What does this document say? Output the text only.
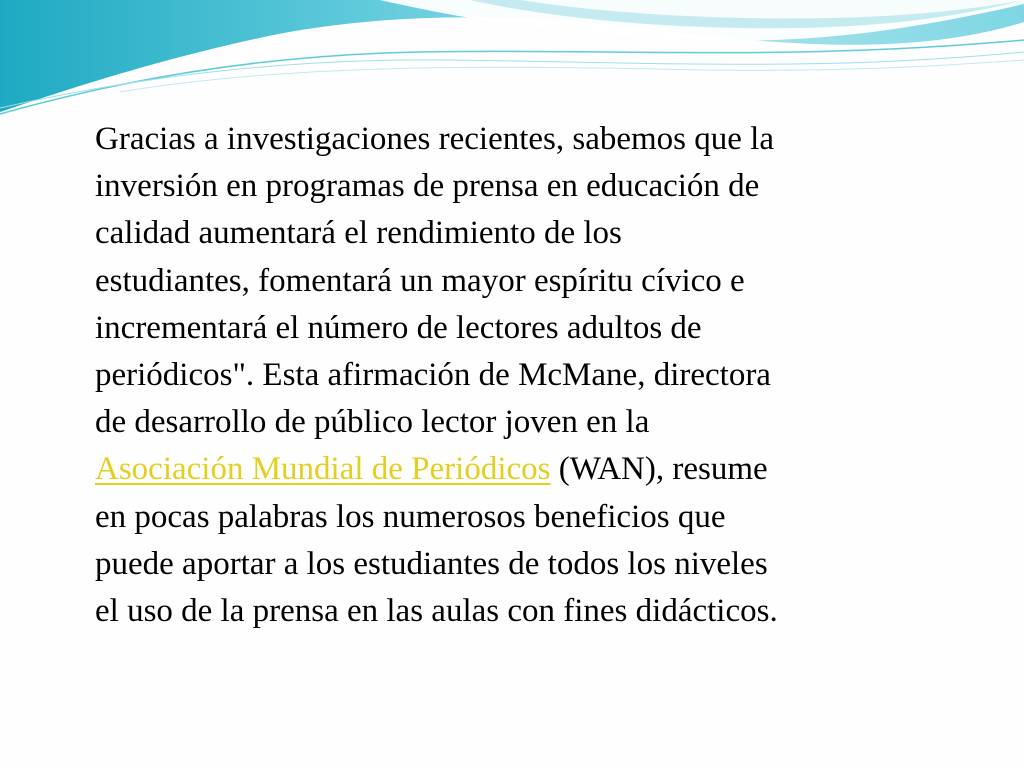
Gracias a investigaciones recientes, sabemos que la
inversión en programas de prensa en educación de
calidad aumentará el rendimiento de los
estudiantes, fomentará un mayor espíritu cívico e
incrementará el número de lectores adultos de
periódicos". Esta afirmación de McMane, directora
de desarrollo de público lector joven en la
Asociación Mundial de Periódicos (WAN), resume
en pocas palabras los numerosos beneficios que
puede aportar a los estudiantes de todos los niveles
el uso de la prensa en las aulas con fines didácticos.
